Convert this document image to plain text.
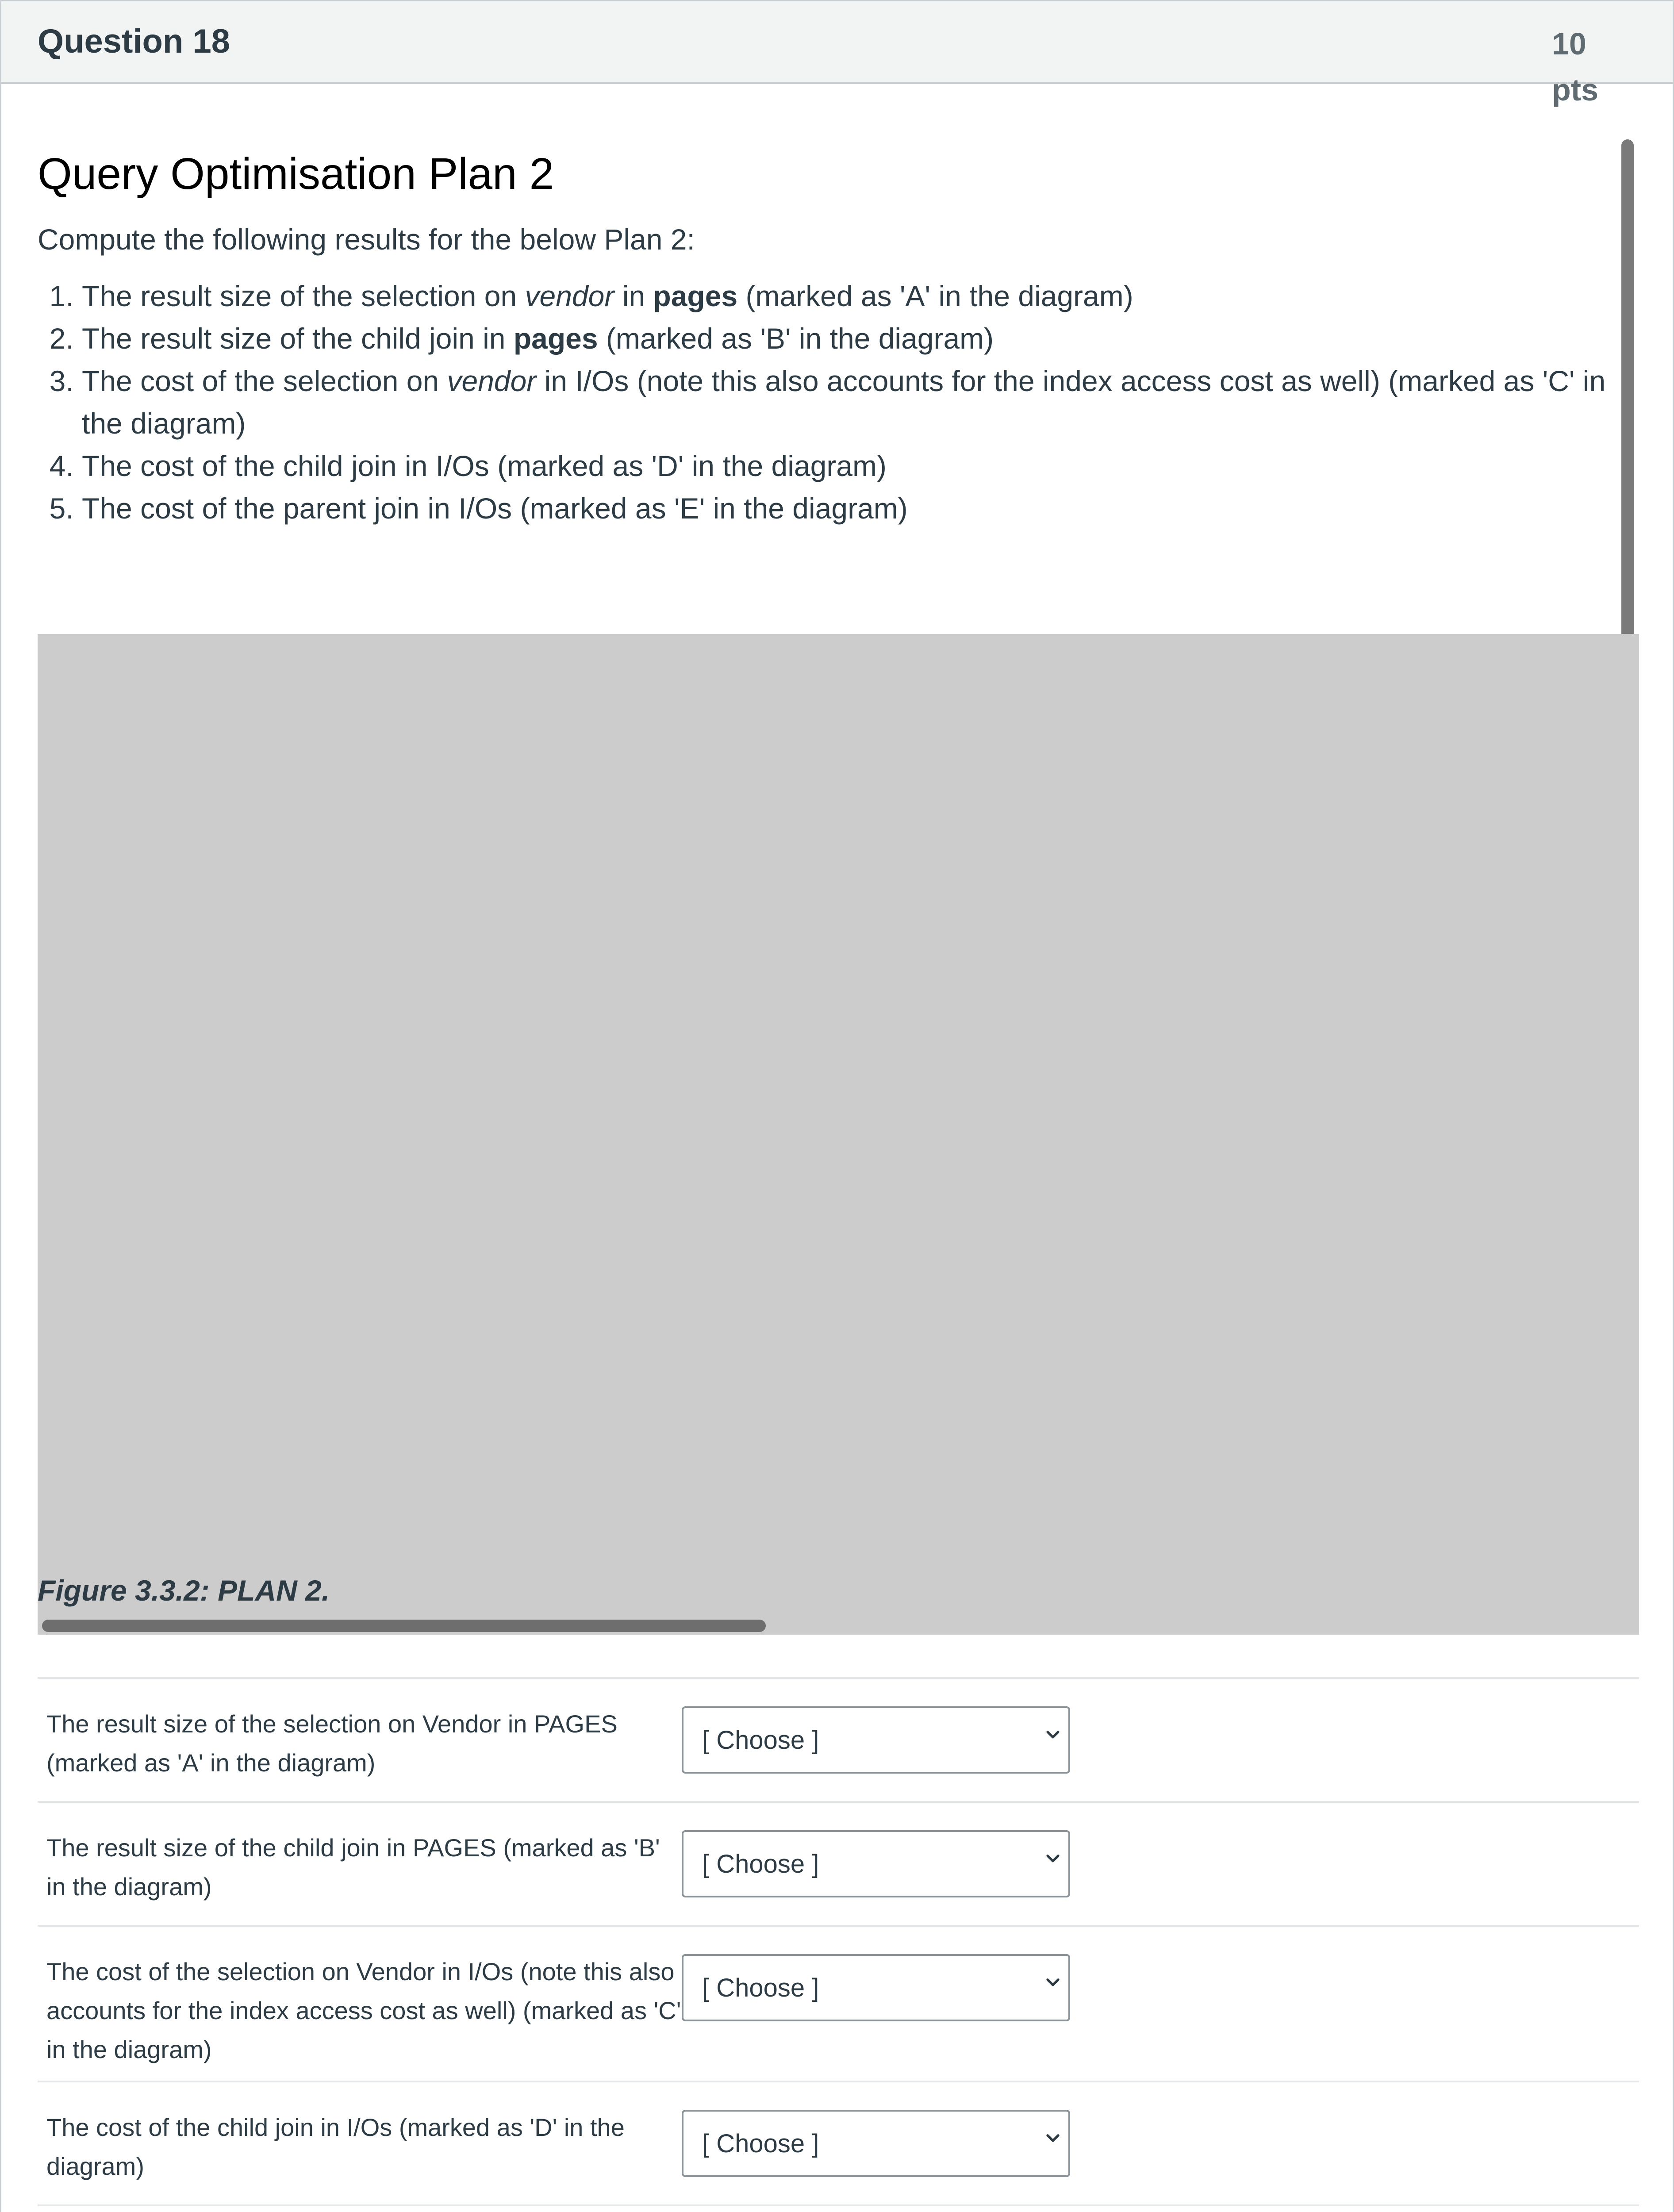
Question 18	10 pts
Query Optimisation Plan 2

Compute the following results for the below Plan 2:

1. The result size of the selection on vendor in pages (marked as 'A' in the diagram)
2. The result size of the child join in pages (marked as 'B' in the diagram)
3. The cost of the selection on vendor in I/Os (note this also accounts for the index access cost as well) (marked as 'C' in the diagram)
4. The cost of the child join in I/Os (marked as 'D' in the diagram)
5. The cost of the parent join in I/Os (marked as 'E' in the diagram)
Figure 3.3.2: PLAN 2.
The result size of the selection on Vendor in PAGES (marked as 'A' in the diagram)
[ Choose ]
The result size of the child join in PAGES (marked as 'B' in the diagram)
[ Choose ]
The cost of the selection on Vendor in I/Os (note this also accounts for the index access cost as well) (marked as 'C' in the diagram)
[ Choose ]
The cost of the child join in I/Os (marked as 'D' in the diagram)
[ Choose ]
